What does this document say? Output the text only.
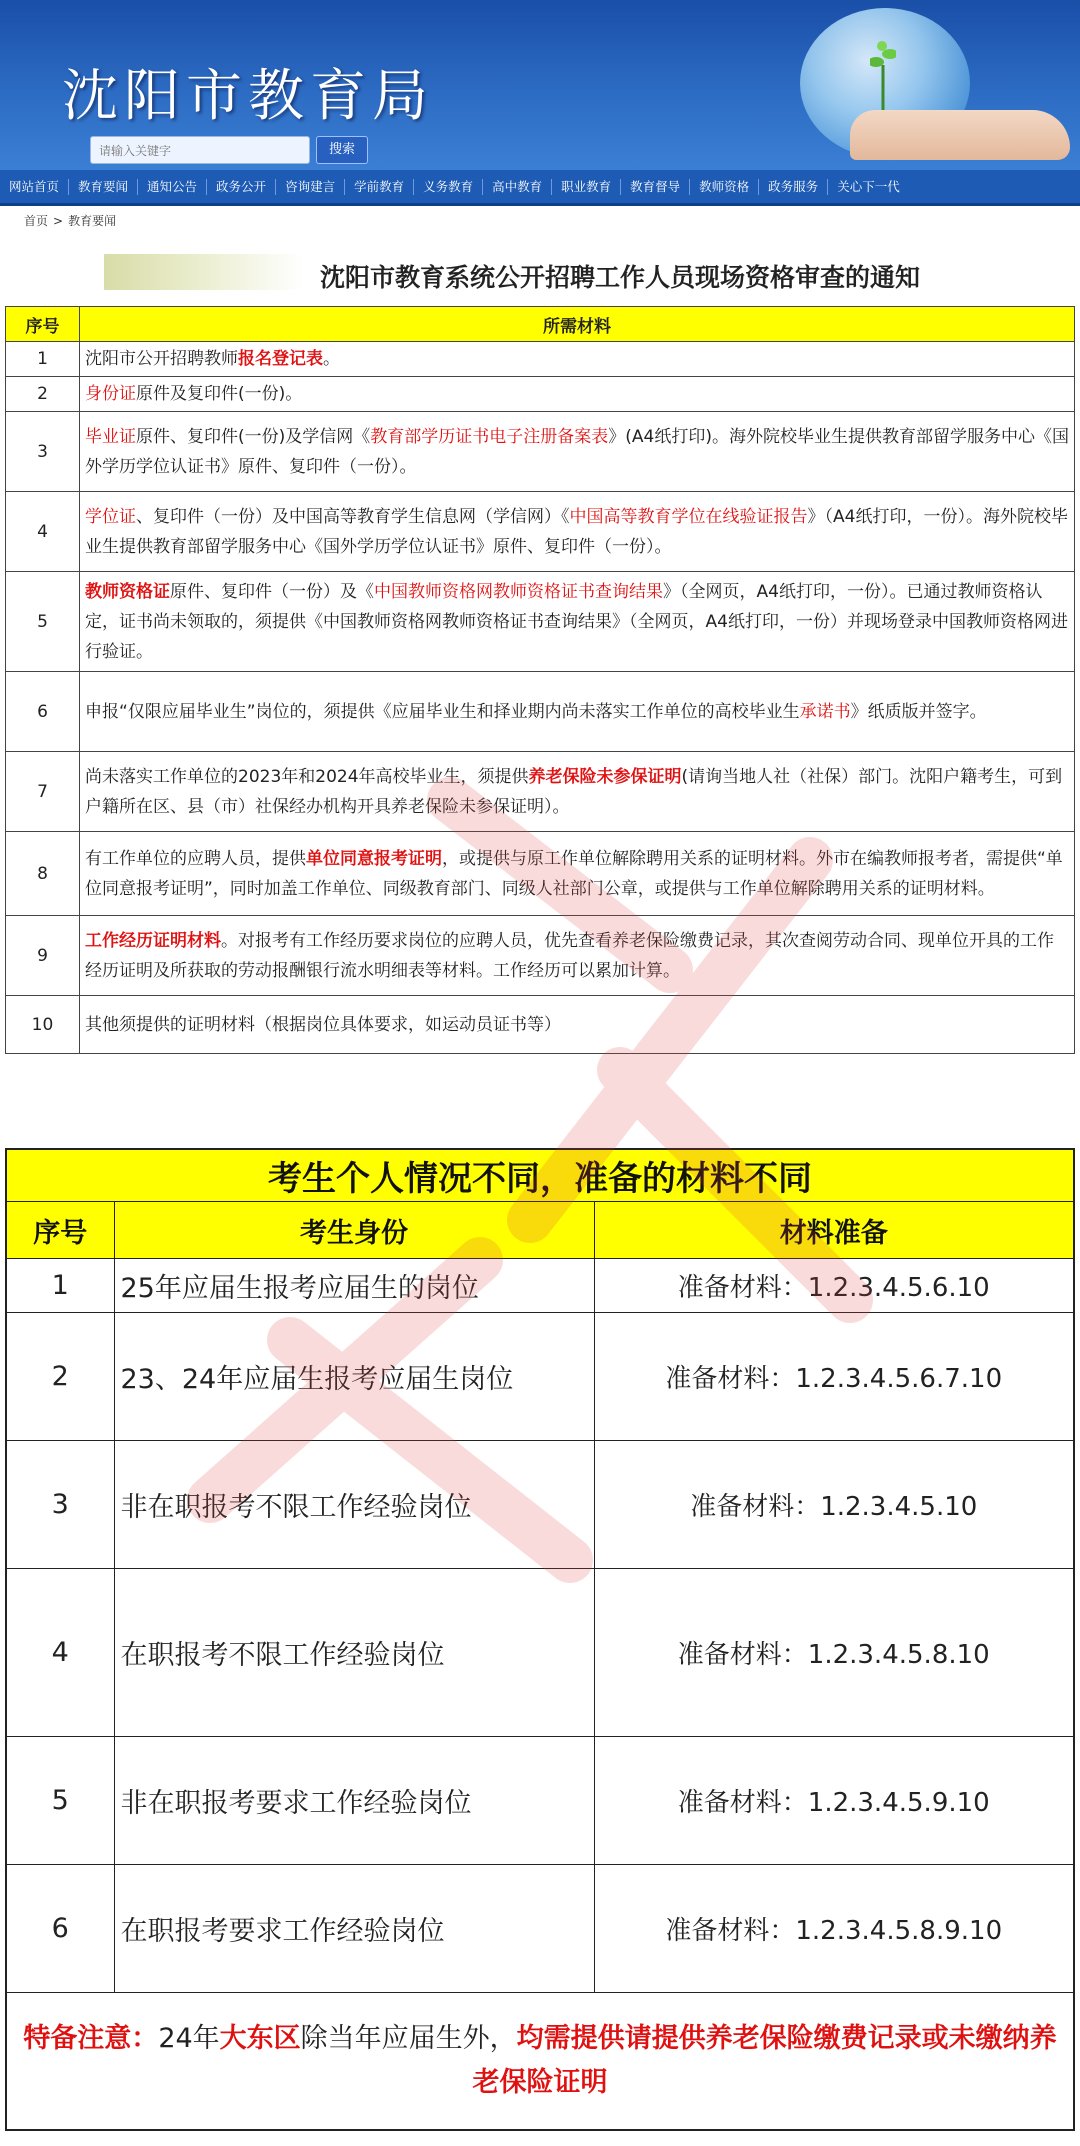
沈阳市教育局
请输入关键字	搜索
网站首页	教育要闻	通知公告	政务公开	咨询建言	学前教育	义务教育	高中教育	职业教育	教育督导	教师资格	政务服务	关心下一代
首页 > 教育要闻
沈阳市教育系统公开招聘工作人员现场资格审查的通知
序号	所需材料
1	沈阳市公开招聘教师报名登记表。
2	身份证原件及复印件(一份)。
3	毕业证原件、复印件(一份)及学信网《教育部学历证书电子注册备案表》(A4纸打印)。海外院校毕业生提供教育部留学服务中心《国外学历学位认证书》原件、复印件（一份）。
4	学位证、复印件（一份）及中国高等教育学生信息网（学信网）《中国高等教育学位在线验证报告》（A4纸打印，一份）。海外院校毕业生提供教育部留学服务中心《国外学历学位认证书》原件、复印件（一份）。
5	教师资格证原件、复印件（一份）及《中国教师资格网教师资格证书查询结果》（全网页，A4纸打印，一份）。已通过教师资格认定，证书尚未领取的，须提供《中国教师资格网教师资格证书查询结果》（全网页，A4纸打印，一份）并现场登录中国教师资格网进行验证。
6	申报“仅限应届毕业生”岗位的，须提供《应届毕业生和择业期内尚未落实工作单位的高校毕业生承诺书》纸质版并签字。
7	尚未落实工作单位的2023年和2024年高校毕业生，须提供养老保险未参保证明(请询当地人社（社保）部门。沈阳户籍考生，可到户籍所在区、县（市）社保经办机构开具养老保险未参保证明）。
8	有工作单位的应聘人员，提供单位同意报考证明，或提供与原工作单位解除聘用关系的证明材料。外市在编教师报考者，需提供“单位同意报考证明”，同时加盖工作单位、同级教育部门、同级人社部门公章，或提供与工作单位解除聘用关系的证明材料。
9	工作经历证明材料。对报考有工作经历要求岗位的应聘人员，优先查看养老保险缴费记录，其次查阅劳动合同、现单位开具的工作经历证明及所获取的劳动报酬银行流水明细表等材料。工作经历可以累加计算。
10	其他须提供的证明材料（根据岗位具体要求，如运动员证书等）
考生个人情况不同，准备的材料不同		
序号	考生身份	材料准备
1	25年应届生报考应届生的岗位	准备材料：1.2.3.4.5.6.10
2	23、24年应届生报考应届生岗位	准备材料：1.2.3.4.5.6.7.10
3	非在职报考不限工作经验岗位	准备材料：1.2.3.4.5.10
4	在职报考不限工作经验岗位	准备材料：1.2.3.4.5.8.10
5	非在职报考要求工作经验岗位	准备材料：1.2.3.4.5.9.10
6	在职报考要求工作经验岗位	准备材料：1.2.3.4.5.8.9.10
特备注意：24年大东区除当年应届生外，均需提供请提供养老保险缴费记录或未缴纳养老保险证明		
